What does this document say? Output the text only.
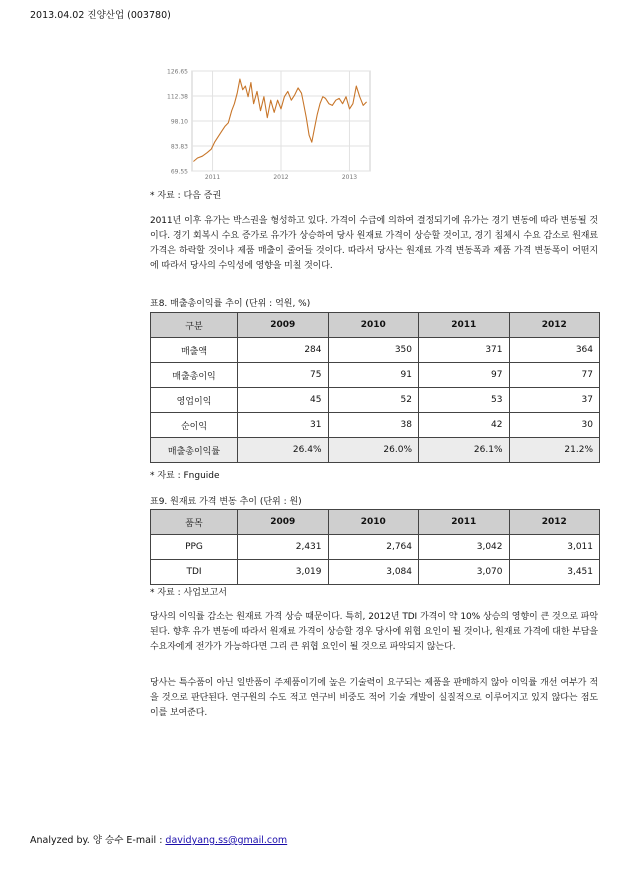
2013.04.02 진양산업 (003780)
126.65
112.38
98.10
83.83
69.55
2011	2012	2013
* 자료 : 다음 증권
2011년 이후 유가는 박스권을 형성하고 있다. 가격이 수급에 의하여 결정되기에 유가는 경기 변동에 따라 변동될 것이다. 경기 회복시 수요 증가로 유가가 상승하여 당사 원재료 가격이 상승할 것이고, 경기 침체시 수요 감소로 원재료 가격은 하락할 것이나 제품 매출이 줄어들 것이다. 따라서 당사는 원재료 가격 변동폭과 제품 가격 변동폭이 어떤지에 따라서 당사의 수익성에 영향을 미칠 것이다.
표8. 매출총이익률 추이 (단위 : 억원, %)
구분	2009	2010	2011	2012
매출액	284	350	371	364
매출총이익	75	91	97	77
영업이익	45	52	53	37
순이익	31	38	42	30
매출총이익률	26.4%	26.0%	26.1%	21.2%
* 자료 : Fnguide
표9. 원재료 가격 변동 추이 (단위 : 원)
품목	2009	2010	2011	2012
PPG	2,431	2,764	3,042	3,011
TDI	3,019	3,084	3,070	3,451
* 자료 : 사업보고서
당사의 이익률 감소는 원재료 가격 상승 때문이다. 특히, 2012년 TDI 가격이 약 10% 상승의 영향이 큰 것으로 파악된다. 향후 유가 변동에 따라서 원재료 가격이 상승할 경우 당사에 위협 요인이 될 것이나, 원재료 가격에 대한 부담을 수요자에게 전가가 가능하다면 그리 큰 위협 요인이 될 것으로 파악되지 않는다.
당사는 특수품이 아닌 일반품이 주제품이기에 높은 기술력이 요구되는 제품을 판매하지 않아 이익률 개선 여부가 적을 것으로 판단된다. 연구원의 수도 적고 연구비 비중도 적어 기술 개발이 실질적으로 이루어지고 있지 않다는 점도 이를 보여준다.
Analyzed by. 양 승수 E-mail : davidyang.ss@gmail.com
